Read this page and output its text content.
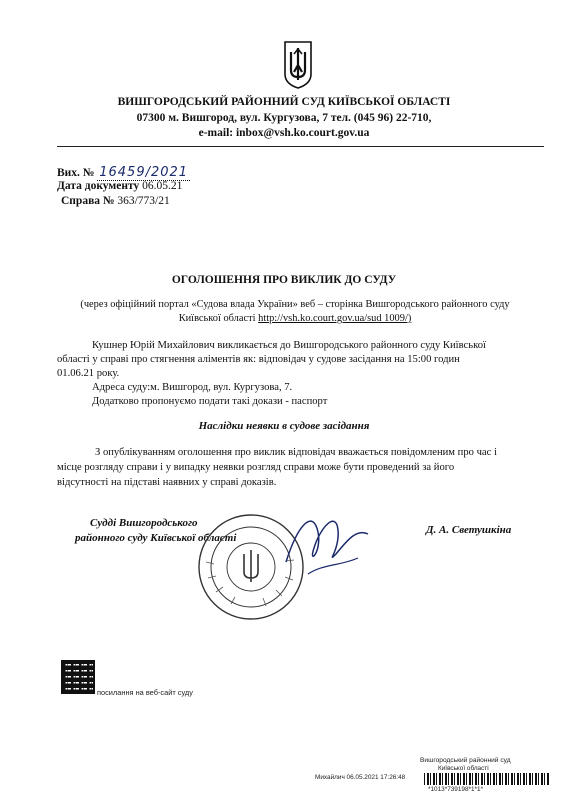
ВИШГОРОДСЬКИЙ РАЙОННИЙ СУД КИЇВСЬКОЇ ОБЛАСТІ
07300 м. Вишгород, вул. Кургузова, 7 тел. (045 96) 22-710,
e-mail: inbox@vsh.ko.court.gov.ua
Вих. № 16459/2021
Дата документу 06.05.21
Справа № 363/773/21
ОГОЛОШЕННЯ ПРО ВИКЛИК ДО СУДУ
(через офіційний портал «Судова влада України» веб – сторінка Вишгородського районного суду
Київської області http://vsh.ko.court.gov.ua/sud 1009/)
Кушнер Юрій Михайлович викликається до Вишгородського районного суду Київської
області у справі про стягнення аліментів як: відповідач у судове засідання на 15:00 годин
01.06.21 року.
Адреса суду:м. Вишгород, вул. Кургузова, 7.
Додатково пропонуємо подати такі докази - паспорт
Наслідки неявки в судове засідання
З опублікуванням оголошення про виклик відповідач вважається повідомленим про час і
місце розгляду справи і у випадку неявки розгляд справи може бути проведений за його
відсутності на підставі наявних у справі доказів.
Судді Вишгородського
районного суду Київської області
Д. А. Светушкіна
посилання на веб-сайт суду
Вишгородський районний суд
Київської області
Михайлич 06.05.2021 17:26:48
*1013*739198*1*1*
